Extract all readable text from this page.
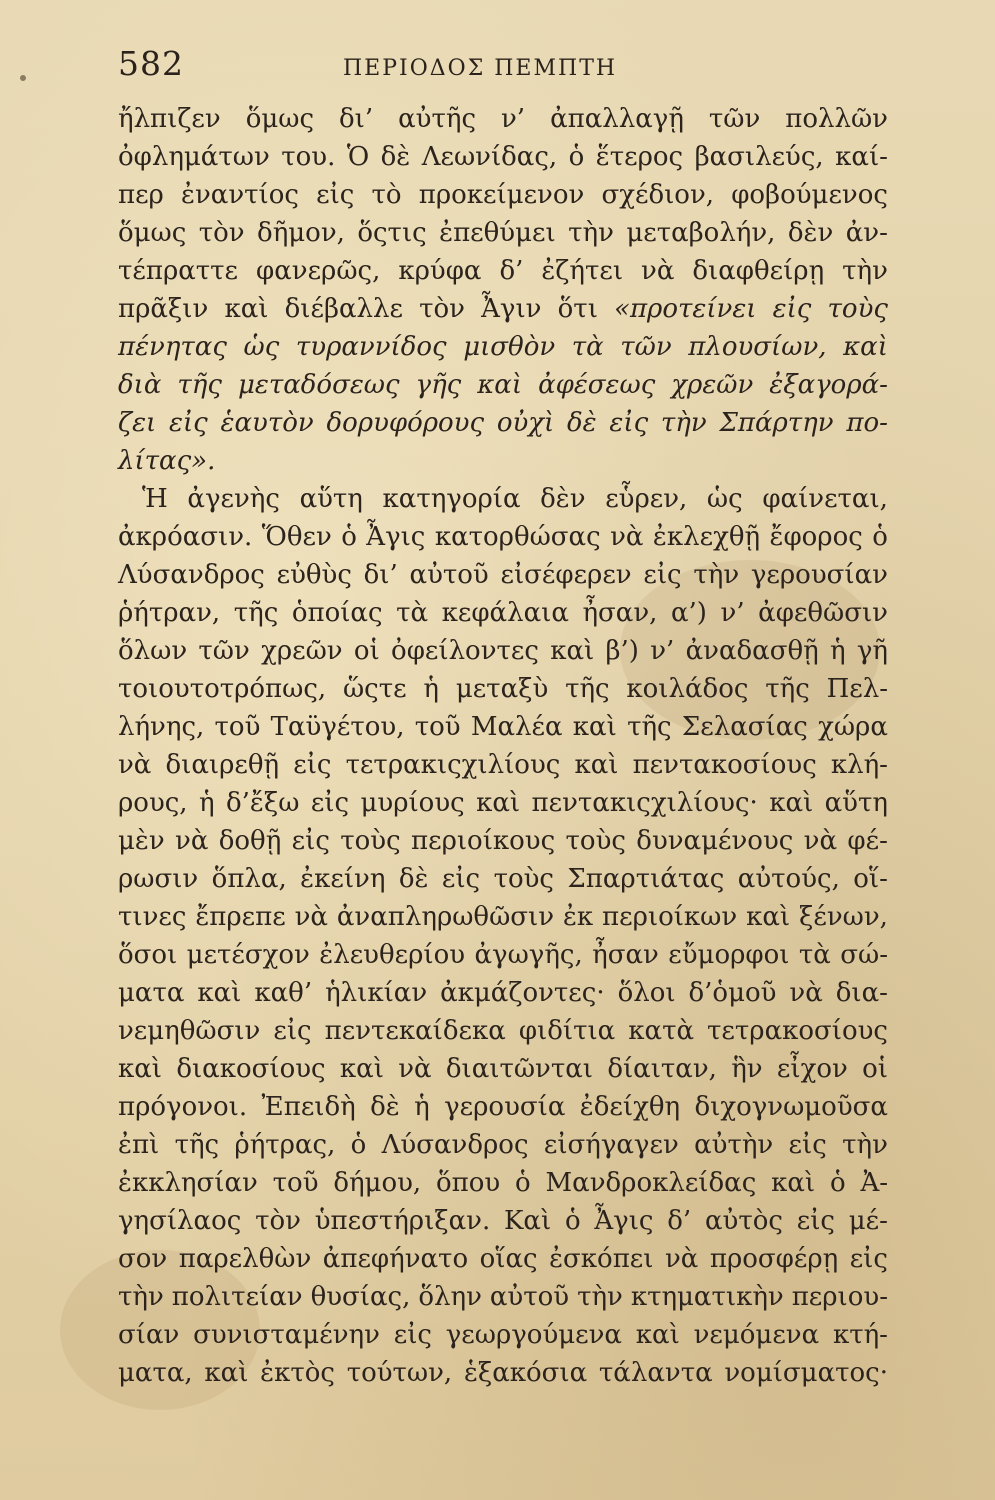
582	ΠΕΡΙΟΔΟΣ ΠΕΜΠΤΗ
ἤλπιζεν ὅμως δι’ αὐτῆς ν’ ἀπαλλαγῇ τῶν πολλῶν
ὀφλημάτων του. Ὁ δὲ Λεωνίδας, ὁ ἕτερος βασιλεύς, καί-
περ ἐναντίος εἰς τὸ προκείμενον σχέδιον, φοβούμενος
ὅμως τὸν δῆμον, ὅςτις ἐπεθύμει τὴν μεταβολήν, δὲν ἀν-
τέπραττε φανερῶς, κρύφα δ’ ἐζήτει νὰ διαφθείρῃ τὴν
πρᾶξιν καὶ διέβαλλε τὸν Ἆγιν ὅτι «προτείνει εἰς τοὺς
πένητας ὡς τυραννίδος μισθὸν τὰ τῶν πλουσίων, καὶ
διὰ τῆς μεταδόσεως γῆς καὶ ἀφέσεως χρεῶν ἐξαγορά-
ζει εἰς ἑαυτὸν δορυφόρους οὐχὶ δὲ εἰς τὴν Σπάρτην πο-
λίτας».
Ἡ ἀγενὴς αὕτη κατηγορία δὲν εὗρεν, ὡς φαίνεται,
ἀκρόασιν. Ὅθεν ὁ Ἆγις κατορθώσας νὰ ἐκλεχθῇ ἔφορος ὁ
Λύσανδρος εὐθὺς δι’ αὐτοῦ εἰσέφερεν εἰς τὴν γερουσίαν
ῥήτραν, τῆς ὁποίας τὰ κεφάλαια ἦσαν, α’) ν’ ἀφεθῶσιν
ὅλων τῶν χρεῶν οἱ ὀφείλοντες καὶ β’) ν’ ἀναδασθῇ ἡ γῆ
τοιουτοτρόπως, ὥςτε ἡ μεταξὺ τῆς κοιλάδος τῆς Πελ-
λήνης, τοῦ Ταϋγέτου, τοῦ Μαλέα καὶ τῆς Σελασίας χώρα
νὰ διαιρεθῇ εἰς τετρακιςχιλίους καὶ πεντακοσίους κλή-
ρους, ἡ δ’ἔξω εἰς μυρίους καὶ πεντακιςχιλίους· καὶ αὕτη
μὲν νὰ δοθῇ εἰς τοὺς περιοίκους τοὺς δυναμένους νὰ φέ-
ρωσιν ὅπλα, ἐκείνη δὲ εἰς τοὺς Σπαρτιάτας αὐτούς, οἵ-
τινες ἔπρεπε νὰ ἀναπληρωθῶσιν ἐκ περιοίκων καὶ ξένων,
ὅσοι μετέσχον ἐλευθερίου ἀγωγῆς, ἦσαν εὔμορφοι τὰ σώ-
ματα καὶ καθ’ ἡλικίαν ἀκμάζοντες· ὅλοι δ’ὁμοῦ νὰ δια-
νεμηθῶσιν εἰς πεντεκαίδεκα φιδίτια κατὰ τετρακοσίους
καὶ διακοσίους καὶ νὰ διαιτῶνται δίαιταν, ἣν εἶχον οἱ
πρόγονοι. Ἐπειδὴ δὲ ἡ γερουσία ἐδείχθη διχογνωμοῦσα
ἐπὶ τῆς ῥήτρας, ὁ Λύσανδρος εἰσήγαγεν αὐτὴν εἰς τὴν
ἐκκλησίαν τοῦ δήμου, ὅπου ὁ Μανδροκλείδας καὶ ὁ Ἀ-
γησίλαος τὸν ὑπεστήριξαν. Καὶ ὁ Ἆγις δ’ αὐτὸς εἰς μέ-
σον παρελθὼν ἀπεφήνατο οἵας ἐσκόπει νὰ προσφέρῃ εἰς
τὴν πολιτείαν θυσίας, ὅλην αὐτοῦ τὴν κτηματικὴν περιου-
σίαν συνισταμένην εἰς γεωργούμενα καὶ νεμόμενα κτή-
ματα, καὶ ἐκτὸς τούτων, ἑξακόσια τάλαντα νομίσματος·
